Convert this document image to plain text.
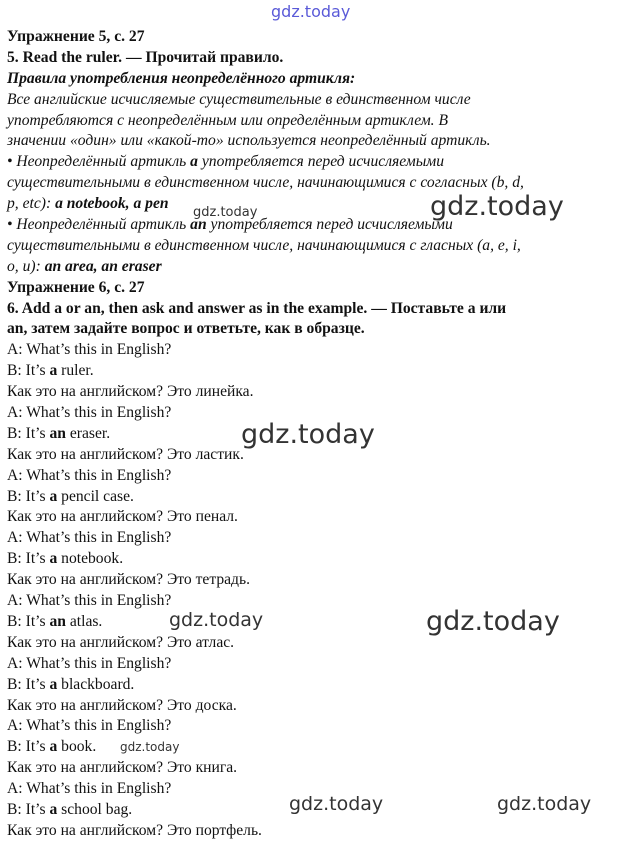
gdz.today
gdz.today	gdz.today
gdz.today
gdz.today	gdz.today
gdz.today
gdz.today	gdz.today
Упражнение 5, с. 27
5. Read the ruler. — Прочитай правило.
Правила употребления неопределённого артикля:
Все английские исчисляемые существительные в единственном числе
употребляются с неопределённым или определённым артиклем. В
значении «один» или «какой-то» используется неопределённый артикль.
• Неопределённый артикль a употребляется перед исчисляемыми
существительными в единственном числе, начинающимися с согласных (b, d,
p, etc): a notebook, a pen
• Неопределённый артикль an употребляется перед исчисляемыми
существительными в единственном числе, начинающимися с гласных (a, e, i,
o, u): an area, an eraser
Упражнение 6, с. 27
6. Add a or an, then ask and answer as in the example. — Поставьте a или
an, затем задайте вопрос и ответьте, как в образце.
A: What’s this in English?
B: It’s a ruler.
Как это на английском? Это линейка.
A: What’s this in English?
B: It’s an eraser.
Как это на английском? Это ластик.
A: What’s this in English?
B: It’s a pencil case.
Как это на английском? Это пенал.
A: What’s this in English?
B: It’s a notebook.
Как это на английском? Это тетрадь.
A: What’s this in English?
B: It’s an atlas.
Как это на английском? Это атлас.
A: What’s this in English?
B: It’s a blackboard.
Как это на английском? Это доска.
A: What’s this in English?
B: It’s a book.
Как это на английском? Это книга.
A: What’s this in English?
B: It’s a school bag.
Как это на английском? Это портфель.
